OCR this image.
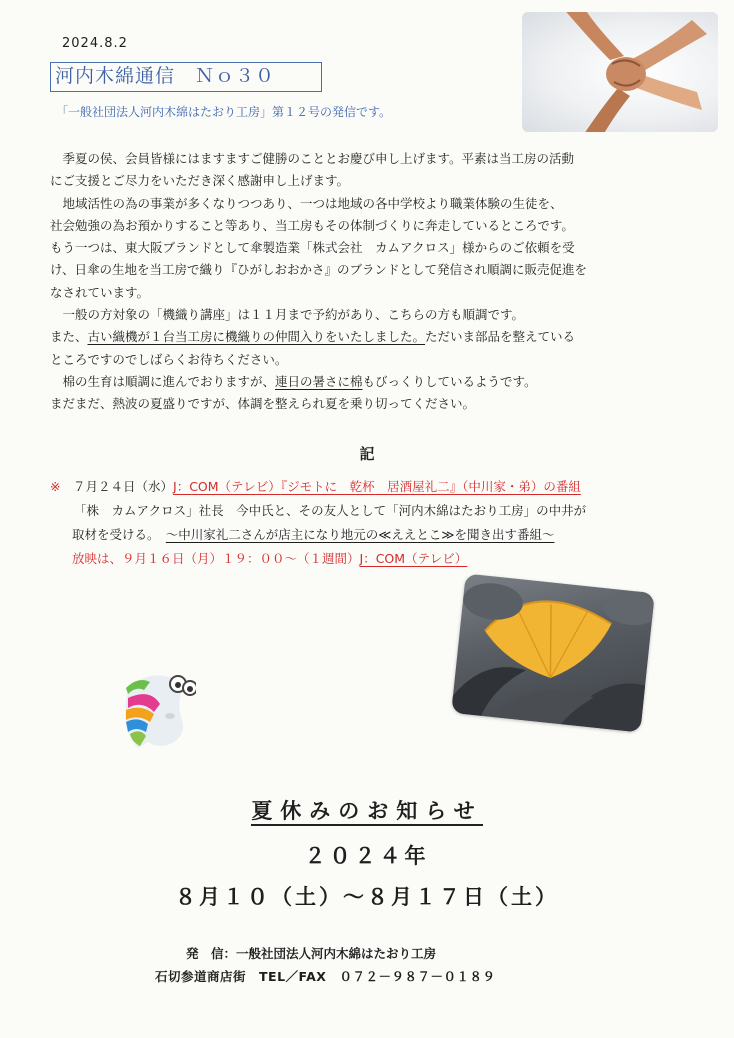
2024.8.2
河内木綿通信　Ｎｏ３０
「一般社団法人河内木綿はたおり工房」第１２号の発信です。

　季夏の侯、会員皆様にはますますご健勝のこととお慶び申し上げます。平素は当工房の活動

にご支援とご尽力をいただき深く感謝申し上げます。

　地域活性の為の事業が多くなりつつあり、一つは地域の各中学校より職業体験の生徒を、

社会勉強の為お預かりすること等あり、当工房もその体制づくりに奔走しているところです。

もう一つは、東大阪ブランドとして傘製造業「株式会社　カムアクロス」様からのご依頼を受

け、日傘の生地を当工房で織り『ひがしおおかさ』のブランドとして発信され順調に販売促進を

なされています。

　一般の方対象の「機織り講座」は１１月まで予約があり、こちらの方も順調です。

また、古い織機が１台当工房に機織りの仲間入りをいたしました。ただいま部品を整えている

ところですのでしばらくお待ちください。

　棉の生育は順調に進んでおりますが、連日の暑さに棉もびっくりしているようです。

まだまだ、熱波の夏盛りですが、体調を整えられ夏を乗り切ってください。

記

※　 ７月２４日（水）J：COM（テレビ）『ジモトに　乾杯　居酒屋礼二』（中川家・弟）の番組

「株　カムアクロス」社長　今中氏と、その友人として「河内木綿はたおり工房」の中井が

取材を受ける。　～中川家礼二さんが店主になり地元の≪ええとこ≫を聞き出す番組～

放映は、９月１６日（月）１９：００～（１週間）J：COM（テレビ）

夏休みのお知らせ
２０２４年
８月１０（土）～８月１７日（土）
発　信：一般社団法人河内木綿はたおり工房
石切参道商店街　TEL／FAX　０７２－９８７－０１８９
